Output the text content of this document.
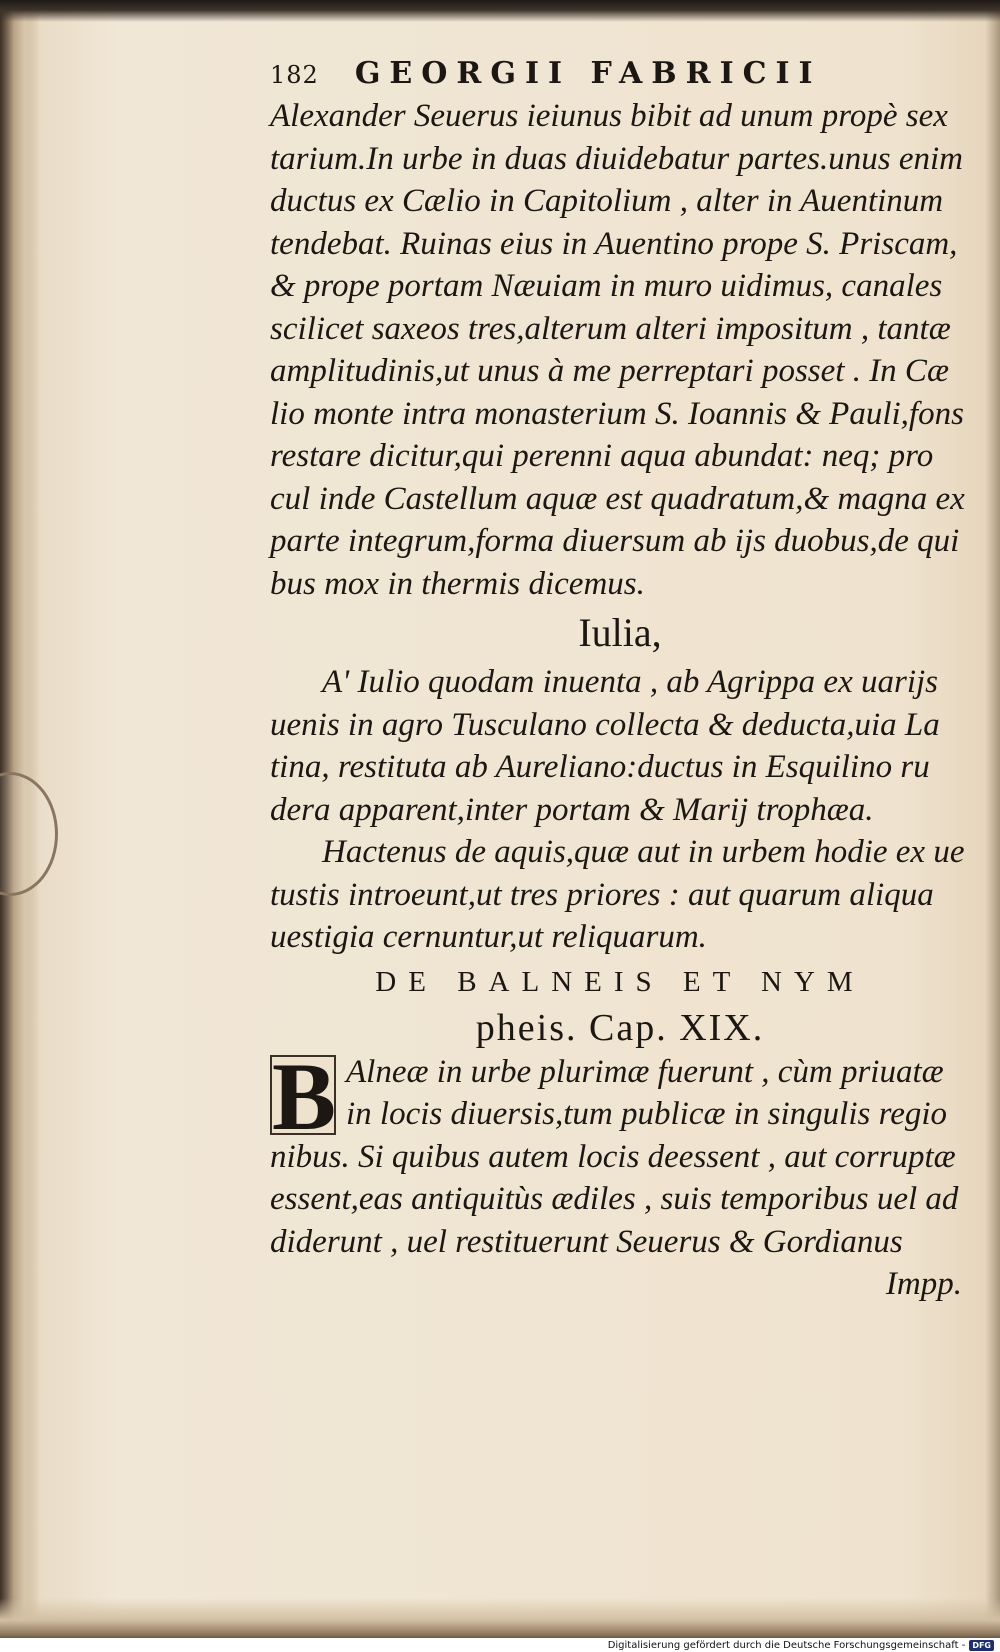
182 GEORGII FABRICII
Alexander Seuerus ieiunus bibit ad unum propè sex
tarium.In urbe in duas diuidebatur partes.unus enim
ductus ex Cælio in Capitolium , alter in Auentinum
tendebat. Ruinas eius in Auentino prope S. Priscam,
& prope portam Næuiam in muro uidimus, canales
scilicet saxeos tres,alterum alteri impositum , tantæ
amplitudinis,ut unus à me perreptari posset . In Cæ
lio monte intra monasterium S. Ioannis & Pauli,fons
restare dicitur,qui perenni aqua abundat: neq; pro
cul inde Castellum aquæ est quadratum,& magna ex
parte integrum,forma diuersum ab ijs duobus,de qui
bus mox in thermis dicemus.
Iulia,
A' Iulio quodam inuenta , ab Agrippa ex uarijs
uenis in agro Tusculano collecta & deducta,uia La
tina, restituta ab Aureliano:ductus in Esquilino ru
dera apparent,inter portam & Marij trophæa.
Hactenus de aquis,quæ aut in urbem hodie ex ue
tustis introeunt,ut tres priores : aut quarum aliqua
uestigia cernuntur,ut reliquarum.
DE BALNEIS ET NYM
pheis. Cap. XIX.
B Alneæ in urbe plurimæ fuerunt , cùm priuatæ
in locis diuersis,tum publicæ in singulis regio
nibus. Si quibus autem locis deessent , aut corruptæ
essent,eas antiquitùs ædiles , suis temporibus uel ad
diderunt , uel restituerunt Seuerus & Gordianus
Impp.
Digitalisierung gefördert durch die Deutsche Forschungsgemeinschaft - DFG
